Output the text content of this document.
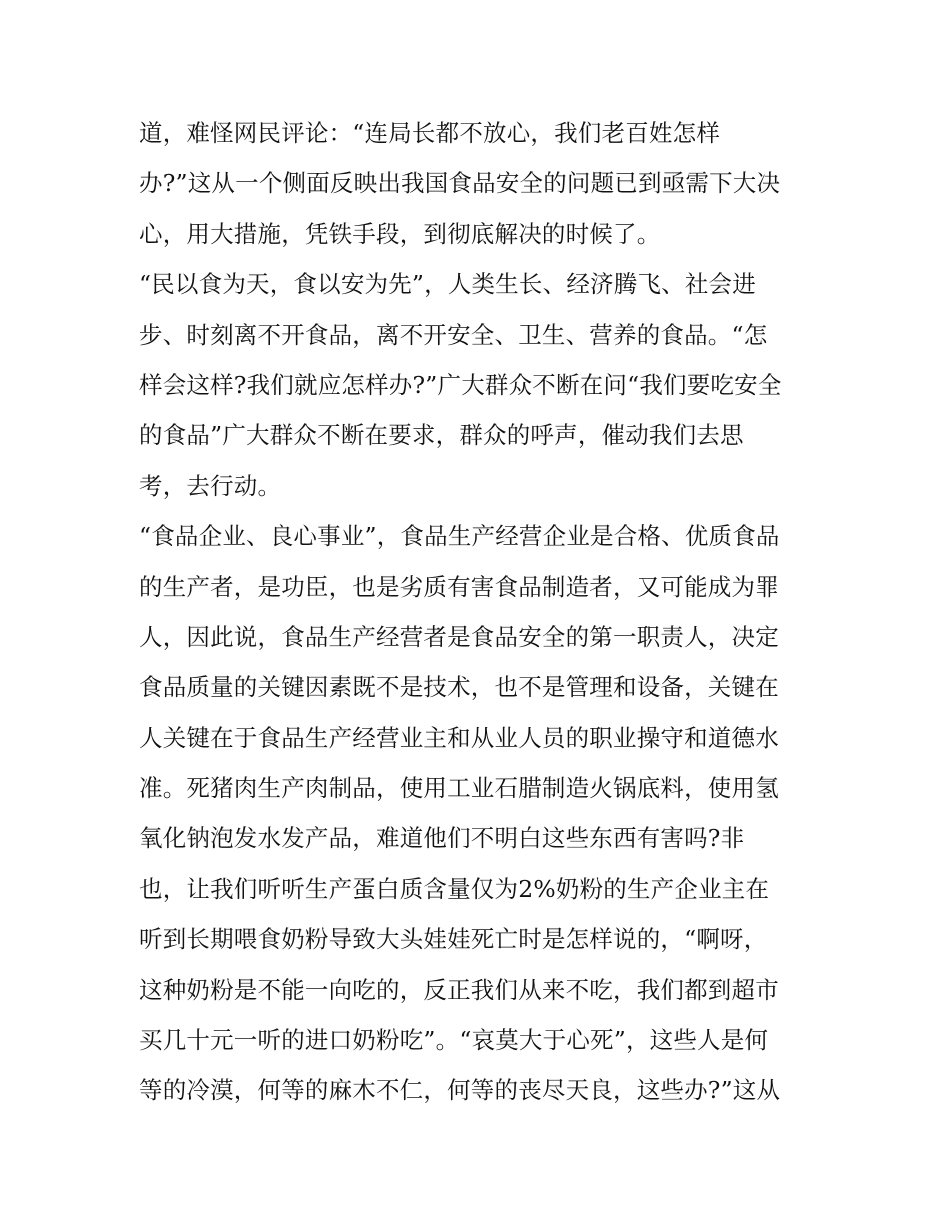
道，难怪网民评论：“连局长都不放心，我们老百姓怎样
办?”这从一个侧面反映出我国食品安全的问题已到亟需下大决
心，用大措施，凭铁手段，到彻底解决的时候了。
“民以食为天，食以安为先”，人类生长、经济腾飞、社会进
步、时刻离不开食品，离不开安全、卫生、营养的食品。“怎
样会这样?我们就应怎样办?”广大群众不断在问“我们要吃安全
的食品”广大群众不断在要求，群众的呼声，催动我们去思
考，去行动。
“食品企业、良心事业”，食品生产经营企业是合格、优质食品
的生产者，是功臣，也是劣质有害食品制造者，又可能成为罪
人，因此说，食品生产经营者是食品安全的第一职责人，决定
食品质量的关键因素既不是技术，也不是管理和设备，关键在
人关键在于食品生产经营业主和从业人员的职业操守和道德水
准。死猪肉生产肉制品，使用工业石腊制造火锅底料，使用氢
氧化钠泡发水发产品，难道他们不明白这些东西有害吗?非
也，让我们听听生产蛋白质含量仅为2%奶粉的生产企业主在
听到长期喂食奶粉导致大头娃娃死亡时是怎样说的，“啊呀，
这种奶粉是不能一向吃的，反正我们从来不吃，我们都到超市
买几十元一听的进口奶粉吃”。“哀莫大于心死”，这些人是何
等的冷漠，何等的麻木不仁，何等的丧尽天良，这些办?”这从
